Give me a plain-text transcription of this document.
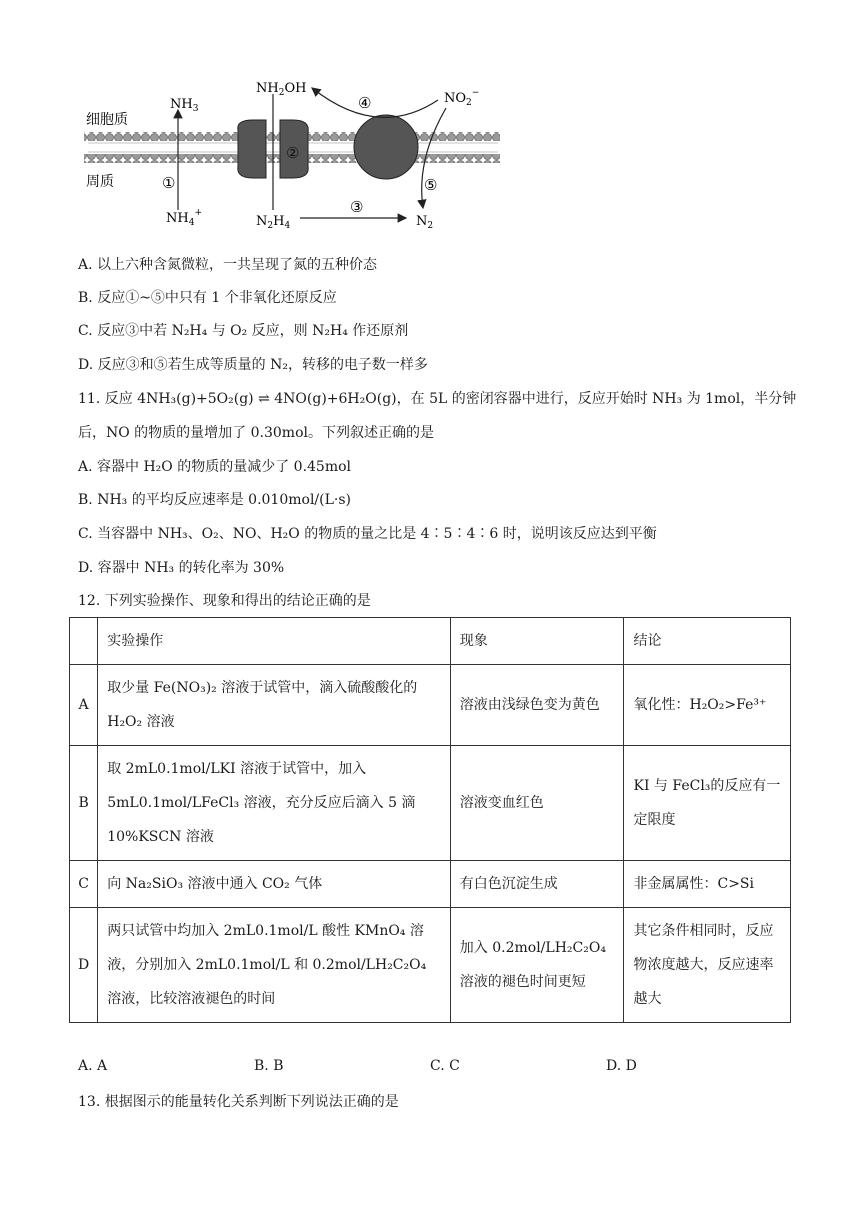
细胞质
周质
②
$NH_3$
①
$NH_4^+$
$NH_2OH$
$N_2H_4$
③
$N_2$
④	$NO_2^-$
⑤
A. 以上六种含氮微粒，一共呈现了氮的五种价态
B. 反应①~⑤中只有 1 个非氧化还原反应
C. 反应③中若 N₂H₄ 与 O₂ 反应，则 N₂H₄ 作还原剂
D. 反应③和⑤若生成等质量的 N₂，转移的电子数一样多
11. 反应 4NH₃(g)+5O₂(g) ⇌ 4NO(g)+6H₂O(g)，在 5L 的密闭容器中进行，反应开始时 NH₃ 为 1mol，半分钟
后，NO 的物质的量增加了 0.30mol。下列叙述正确的是
A. 容器中 H₂O 的物质的量减少了 0.45mol
B. NH₃ 的平均反应速率是 0.010mol/(L·s)
C. 当容器中 NH₃、O₂、NO、H₂O 的物质的量之比是 4∶5∶4∶6 时，说明该反应达到平衡
D. 容器中 NH₃ 的转化率为 30%
12. 下列实验操作、现象和得出的结论正确的是
	实验操作	现象	结论
A	取少量 Fe(NO₃)₂ 溶液于试管中，滴入硫酸酸化的 H₂O₂ 溶液	溶液由浅绿色变为黄色	氧化性：H₂O₂>Fe³⁺
B	取 2mL0.1mol/LKI 溶液于试管中，加入 5mL0.1mol/LFeCl₃ 溶液，充分反应后滴入 5 滴 10%KSCN 溶液	溶液变血红色	KI 与 FeCl₃的反应有一定限度
C	向 Na₂SiO₃ 溶液中通入 CO₂ 气体	有白色沉淀生成	非金属属性：C>Si
D	两只试管中均加入 2mL0.1mol/L 酸性 KMnO₄ 溶液，分别加入 2mL0.1mol/L 和 0.2mol/LH₂C₂O₄ 溶液，比较溶液褪色的时间	加入 0.2mol/LH₂C₂O₄ 溶液的褪色时间更短	其它条件相同时，反应物浓度越大，反应速率越大
A. A	B. B	C. C	D. D
13. 根据图示的能量转化关系判断下列说法正确的是
